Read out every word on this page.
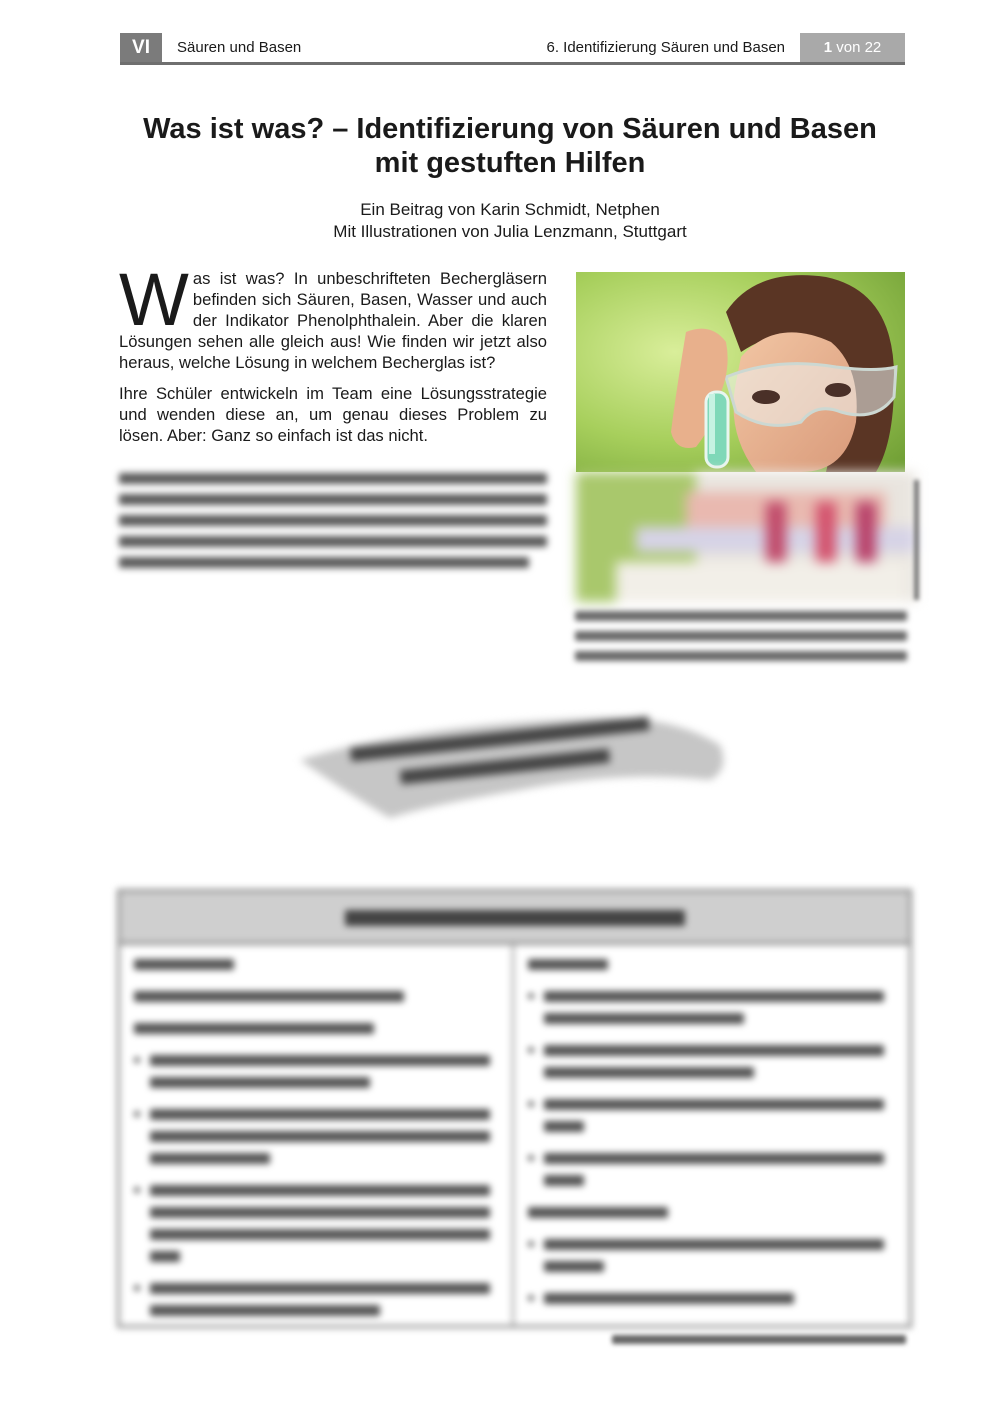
VI	Säuren und Basen	6. Identifizierung Säuren und Basen	1 von 22
Was ist was? – Identifizierung von Säuren und Basen
mit gestuften Hilfen
Ein Beitrag von Karin Schmidt, Netphen
Mit Illustrationen von Julia Lenzmann, Stuttgart

Was ist was? In unbeschrifteten Bechergläsern befinden sich Säuren, Basen, Wasser und auch der Indikator Phenolphthalein. Aber die klaren Lösungen sehen alle gleich aus! Wie finden wir jetzt also heraus, welche Lösung in welchem Becherglas ist?

Ihre Schüler entwickeln im Team eine Lösungsstrategie und wenden diese an, um genau dieses Problem zu lösen. Aber: Ganz so einfach ist das nicht.
